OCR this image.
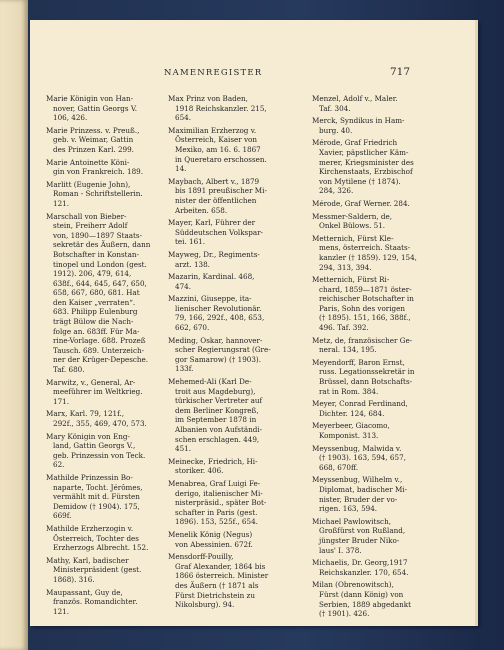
NAMENREGISTER	717

Marie Königin von Han-
nover, Gattin Georgs V.
106, 426.

Marie Prinzess. v. Preuß.,
geb. v. Weimar, Gattin
des Prinzen Karl. 299.

Marie Antoinette Köni-
gin von Frankreich. 189.

Marlitt (Eugenie John),
Roman - Schriftstellerin.
121.

Marschall von Bieber-
stein, Freiherr Adolf
von, 1890—1897 Staats-
sekretär des Äußern, dann
Botschafter in Konstan-
tinopel und London (gest.
1912). 206, 479, 614,
638f., 644, 645, 647, 650,
658, 667, 680, 681. Hat
den Kaiser „verraten“.
683. Philipp Eulenburg
trägt Bülow die Nach-
folge an. 683ff. Für Ma-
rine-Vorlage. 688. Prozeß
Tausch. 689. Unterzeich-
ner der Krüger-Depesche.
Taf. 680.

Marwitz, v., General, Ar-
meeführer im Weltkrieg.
171.

Marx, Karl. 79, 121f.,
292f., 355, 469, 470, 573.

Mary Königin von Eng-
land, Gattin Georgs V.,
geb. Prinzessin von Teck.
62.

Mathilde Prinzessin Bo-
naparte, Tocht. Jérômes,
vermählt mit d. Fürsten
Demidow († 1904). 175,
669f.

Mathilde Erzherzogin v.
Österreich, Tochter des
Erzherzogs Albrecht. 152.

Mathy, Karl, badischer
Ministerpräsident (gest.
1868). 316.

Maupassant, Guy de,
französ. Romandichter.
121.

Max Prinz von Baden,
1918 Reichskanzler. 215,
654.

Maximilian Erzherzog v.
Österreich, Kaiser von
Mexiko, am 16. 6. 1867
in Queretaro erschossen.
14.

Maybach, Albert v., 1879
bis 1891 preußischer Mi-
nister der öffentlichen
Arbeiten. 658.

Mayer, Karl, Führer der
Süddeutschen Volkspar-
tei. 161.

Mayweg, Dr., Regiments-
arzt. 138.

Mazarin, Kardinal. 468,
474.

Mazzini, Giuseppe, ita-
lienischer Revolutionär.
79, 166, 292f., 408, 653,
662, 670.

Meding, Oskar, hannover-
scher Regierungsrat (Gre-
gor Samarow) († 1903).
133f.

Mehemed-Ali (Karl De-
troit aus Magdeburg),
türkischer Vertreter auf
dem Berliner Kongreß,
im September 1878 in
Albanien von Aufständi-
schen erschlagen. 449,
451.

Meinecke, Friedrich, Hi-
storiker. 406.

Menabrea, Graf Luigi Fe-
derigo, italienischer Mi-
nisterpräsid., später Bot-
schafter in Paris (gest.
1896). 153, 525f., 654.

Menelik König (Negus)
von Abessinien. 672f.

Mensdorff-Pouilly,
Graf Alexander, 1864 bis
1866 österreich. Minister
des Äußern († 1871 als
Fürst Dietrichstein zu
Nikolsburg). 94.

Menzel, Adolf v., Maler.
Taf. 304.

Merck, Syndikus in Ham-
burg. 40.

Mérode, Graf Friedrich
Xavier, päpstlicher Käm-
merer, Kriegsminister des
Kirchenstaats, Erzbischof
von Mytilene († 1874).
284, 326.

Mérode, Graf Werner. 284.

Messmer-Saldern, de,
Onkel Bülows. 51.

Metternich, Fürst Kle-
mens, österreich. Staats-
kanzler († 1859). 129, 154,
294, 313, 394.

Metternich, Fürst Ri-
chard, 1859—1871 öster-
reichischer Botschafter in
Paris, Sohn des vorigen
(† 1895). 151, 166, 388f.,
496. Taf. 392.

Metz, de, französischer Ge-
neral. 134, 195.

Meyendorff, Baron Ernst,
russ. Legationssekretär in
Brüssel, dann Botschafts-
rat in Rom. 384.

Meyer, Conrad Ferdinand,
Dichter. 124, 684.

Meyerbeer, Giacomo,
Komponist. 313.

Meyssenbug, Malwida v.
(† 1903). 163, 594, 657,
668, 670ff.

Meyssenbug, Wilhelm v.,
Diplomat, badischer Mi-
nister, Bruder der vo-
rigen. 163, 594.

Michael Pawlowitsch,
Großfürst von Rußland,
jüngster Bruder Niko-
laus' I. 378.

Michaelis, Dr. Georg,1917
Reichskanzler. 170, 654.

Milan (Obrenowitsch),
Fürst (dann König) von
Serbien, 1889 abgedankt
(† 1901). 426.
